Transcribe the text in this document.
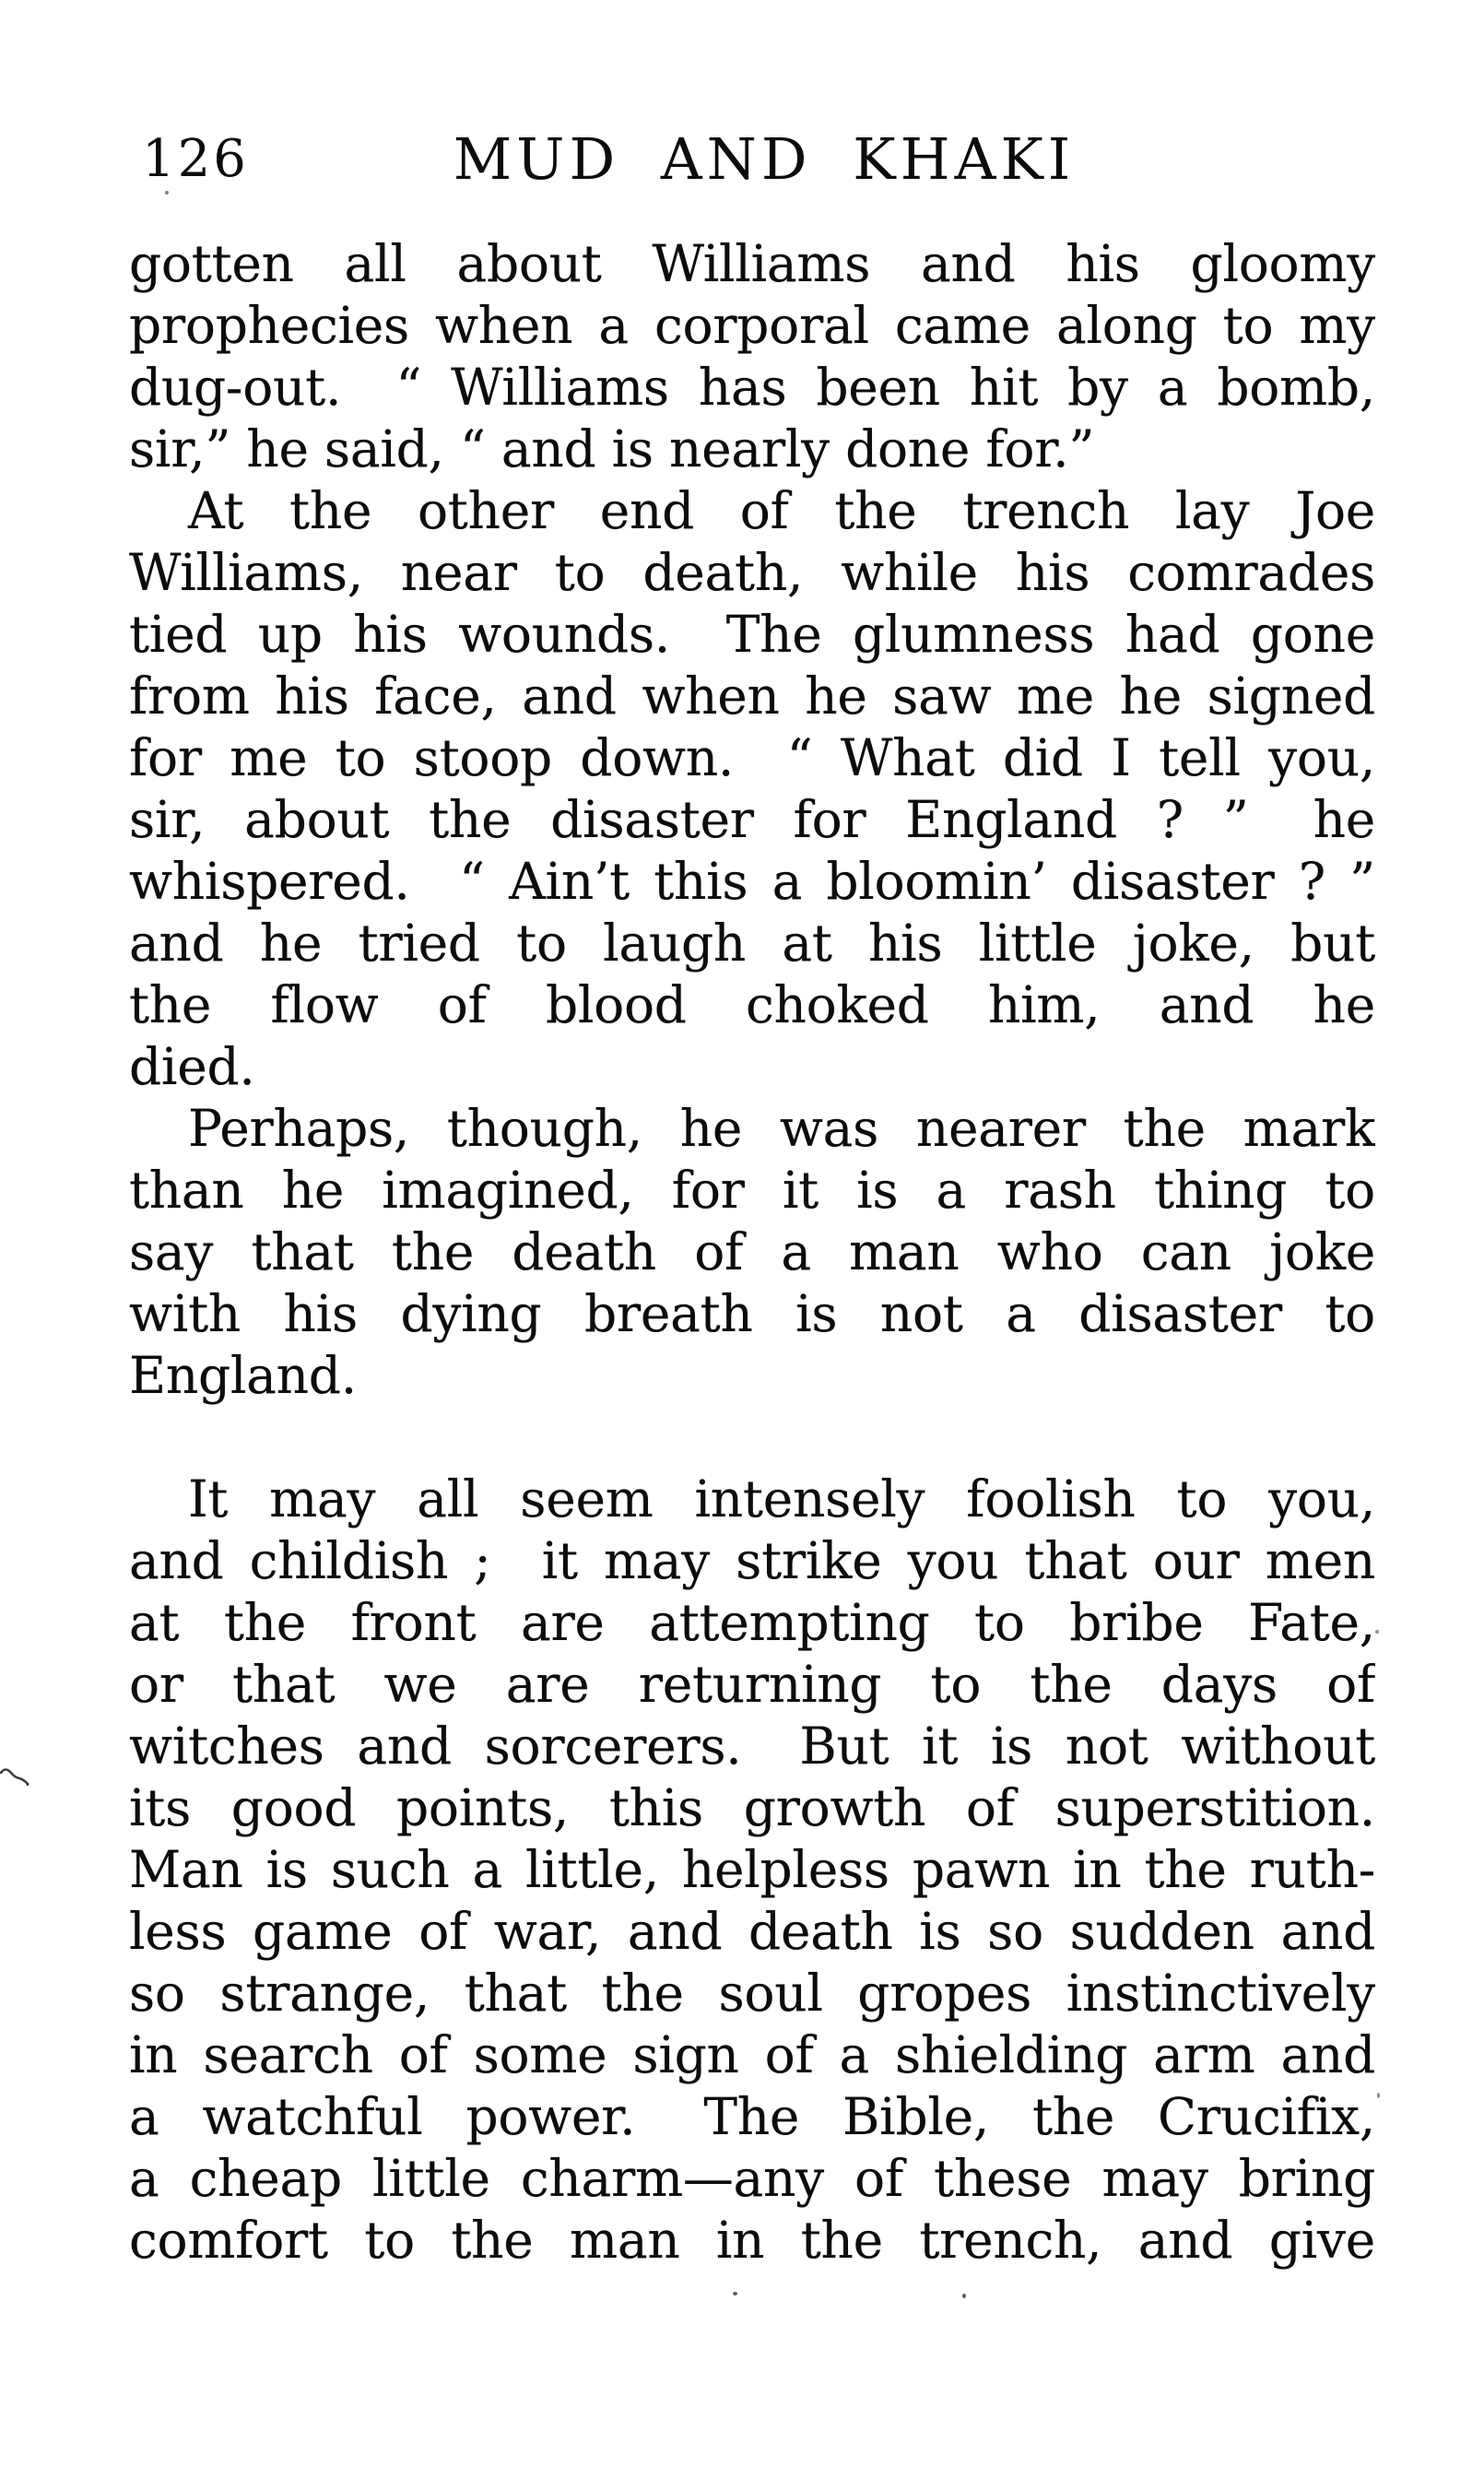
126	MUD AND KHAKI

gotten all about Williams and his gloomy
prophecies when a corporal came along to my
dug-out.  “ Williams has been hit by a bomb,
sir,” he said, “ and is nearly done for.”

At the other end of the trench lay Joe
Williams, near to death, while his comrades
tied up his wounds.  The glumness had gone
from his face, and when he saw me he signed
for me to stoop down.  “ What did I tell you,
sir, about the disaster for England ? ”  he
whispered.  “ Ain’t this a bloomin’ disaster ? ”
and he tried to laugh at his little joke, but
the flow of blood choked him, and he
died.

Perhaps, though, he was nearer the mark
than he imagined, for it is a rash thing to
say that the death of a man who can joke
with his dying breath is not a disaster to
England.

It may all seem intensely foolish to you,
and childish ;  it may strike you that our men
at the front are attempting to bribe Fate,
or that we are returning to the days of
witches and sorcerers.  But it is not without
its good points, this growth of superstition.
Man is such a little, helpless pawn in the ruth-
less game of war, and death is so sudden and
so strange, that the soul gropes instinctively
in search of some sign of a shielding arm and
a watchful power.  The Bible, the Crucifix,
a cheap little charm—any of these may bring
comfort to the man in the trench, and give
